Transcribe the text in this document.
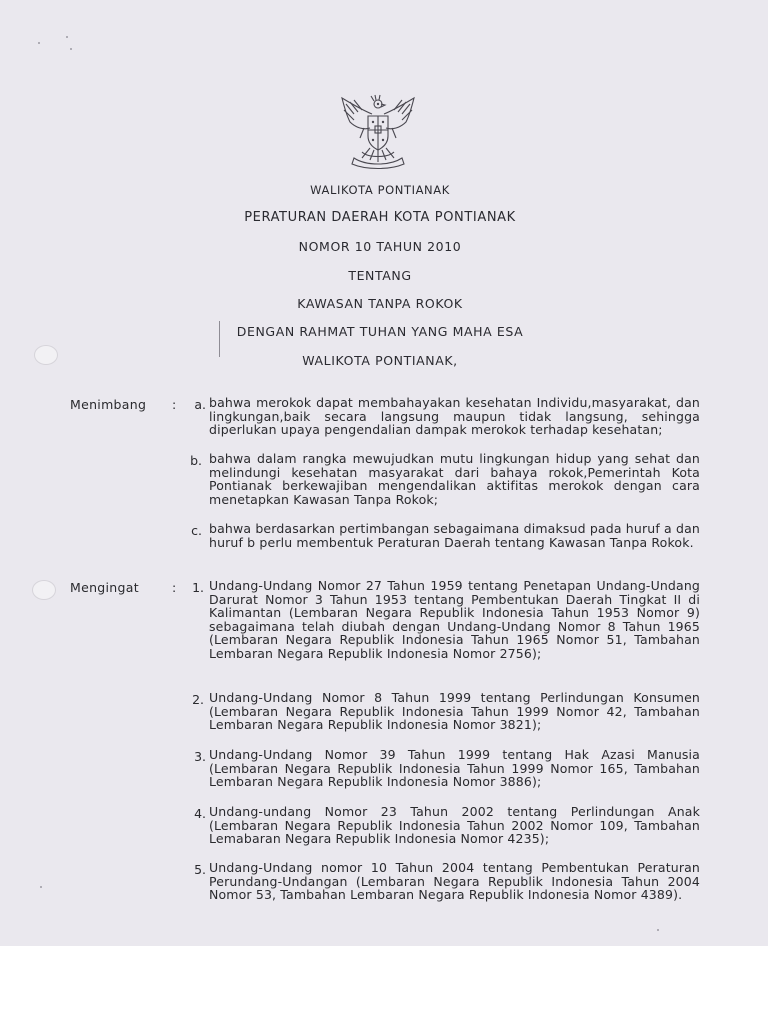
WALIKOTA PONTIANAK
PERATURAN DAERAH KOTA PONTIANAK
NOMOR 10 TAHUN 2010
TENTANG
KAWASAN TANPA ROKOK
DENGAN RAHMAT TUHAN YANG MAHA ESA
WALIKOTA PONTIANAK,
Menimbang :	a. bahwa merokok dapat membahayakan kesehatan Individu,masyarakat, dan lingkungan,baik secara langsung maupun tidak langsung, sehingga diperlukan upaya pengendalian dampak merokok terhadap kesehatan;
b. bahwa dalam rangka mewujudkan mutu lingkungan hidup yang sehat dan melindungi kesehatan masyarakat dari bahaya rokok,Pemerintah Kota Pontianak berkewajiban mengendalikan aktifitas merokok dengan cara menetapkan Kawasan Tanpa Rokok;
c. bahwa berdasarkan pertimbangan sebagaimana dimaksud pada huruf a dan huruf b perlu membentuk Peraturan Daerah tentang Kawasan Tanpa Rokok.
Mengingat	:	1. Undang-Undang Nomor 27 Tahun 1959 tentang Penetapan Undang-Undang Darurat Nomor 3 Tahun 1953 tentang Pembentukan Daerah Tingkat II di Kalimantan (Lembaran Negara Republik Indonesia Tahun 1953 Nomor 9) sebagaimana telah diubah dengan Undang-Undang Nomor 8 Tahun 1965 (Lembaran Negara Republik Indonesia Tahun 1965 Nomor 51, Tambahan Lembaran Negara Republik Indonesia Nomor 2756);
2. Undang-Undang Nomor 8 Tahun 1999 tentang Perlindungan Konsumen (Lembaran Negara Republik Indonesia Tahun 1999 Nomor 42, Tambahan Lembaran Negara Republik Indonesia Nomor 3821);
3. Undang-Undang Nomor 39 Tahun 1999 tentang Hak Azasi Manusia (Lembaran Negara Republik Indonesia Tahun 1999 Nomor 165, Tambahan Lembaran Negara Republik Indonesia Nomor 3886);
4. Undang-undang Nomor 23 Tahun 2002 tentang Perlindungan Anak (Lembaran Negara Republik Indonesia Tahun 2002 Nomor 109, Tambahan Lemabaran Negara Republik Indonesia Nomor 4235);
5. Undang-Undang nomor 10 Tahun 2004 tentang Pembentukan Peraturan Perundang-Undangan (Lembaran Negara Republik Indonesia Tahun 2004 Nomor 53, Tambahan Lembaran Negara Republik Indonesia Nomor 4389).
